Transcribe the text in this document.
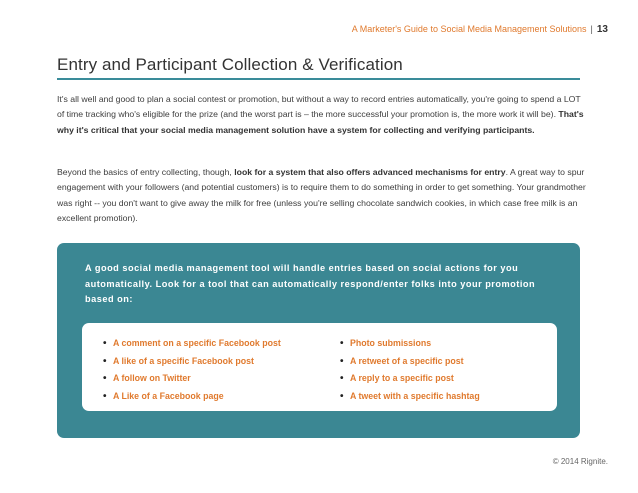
A Marketer's Guide to Social Media Management Solutions | 13
Entry and Participant Collection & Verification

It's all well and good to plan a social contest or promotion, but without a way to record entries automatically, you're going to spend a LOT of time tracking who's eligible for the prize (and the worst part is – the more successful your promotion is, the more work it will be). That's why it's critical that your social media management solution have a system for collecting and verifying participants.

Beyond the basics of entry collecting, though, look for a system that also offers advanced mechanisms for entry. A great way to spur engagement with your followers (and potential customers) is to require them to do something in order to get something. Your grandmother was right -- you don't want to give away the milk for free (unless you're selling chocolate sandwich cookies, in which case free milk is an excellent promotion).

A good social media management tool will handle entries based on social actions for you automatically. Look for a tool that can automatically respond/enter folks into your promotion based on:

• A comment on a specific Facebook post
• A like of a specific Facebook post
• A follow on Twitter
• A Like of a Facebook page
• Photo submissions
• A retweet of a specific post
• A reply to a specific post
• A tweet with a specific hashtag
© 2014 Rignite.
